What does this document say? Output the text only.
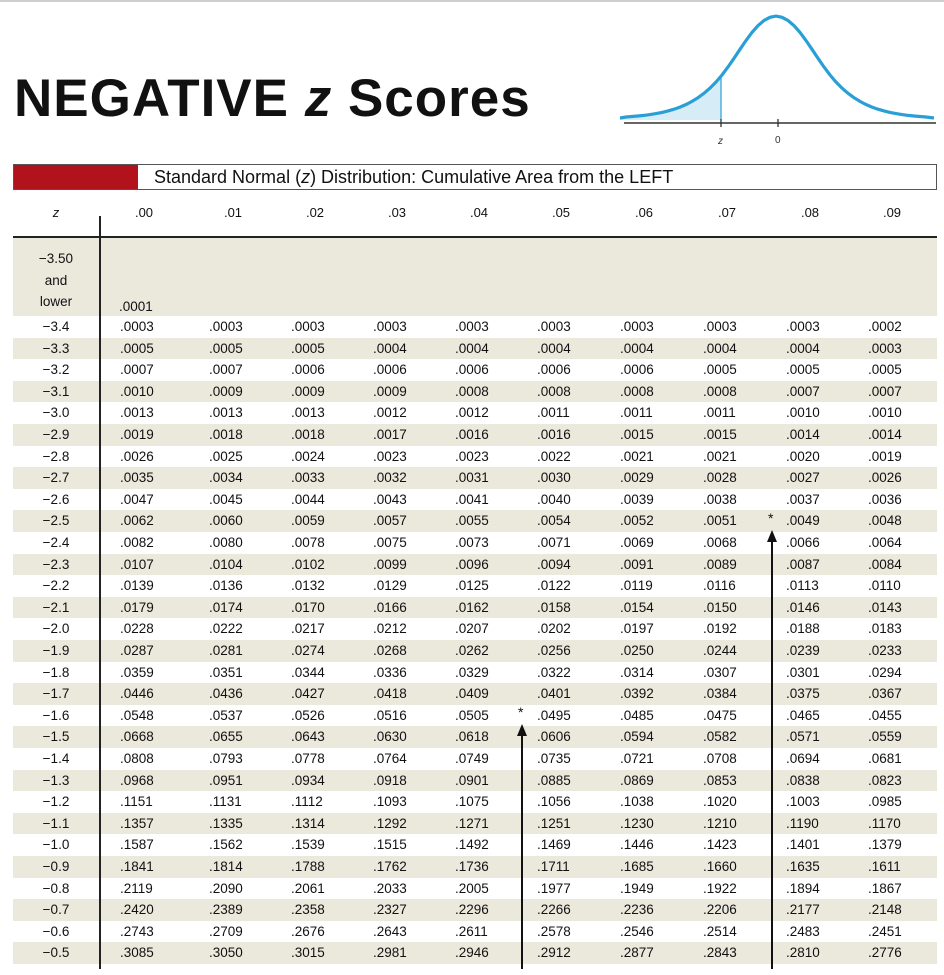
NEGATIVE z Scores
z	0
Standard Normal (z) Distribution: Cumulative Area from the LEFT
z	.00	.01	.02	.03	.04	.05	.06	.07	.08	.09
−3.50
and
lower	.0001
−3.4	.0003	.0003	.0003	.0003	.0003	.0003	.0003	.0003	.0003	.0002
−3.3	.0005	.0005	.0005	.0004	.0004	.0004	.0004	.0004	.0004	.0003
−3.2	.0007	.0007	.0006	.0006	.0006	.0006	.0006	.0005	.0005	.0005
−3.1	.0010	.0009	.0009	.0009	.0008	.0008	.0008	.0008	.0007	.0007
−3.0	.0013	.0013	.0013	.0012	.0012	.0011	.0011	.0011	.0010	.0010
−2.9	.0019	.0018	.0018	.0017	.0016	.0016	.0015	.0015	.0014	.0014
−2.8	.0026	.0025	.0024	.0023	.0023	.0022	.0021	.0021	.0020	.0019
−2.7	.0035	.0034	.0033	.0032	.0031	.0030	.0029	.0028	.0027	.0026
−2.6	.0047	.0045	.0044	.0043	.0041	.0040	.0039	.0038	.0037	.0036
−2.5	.0062	.0060	.0059	.0057	.0055	.0054	.0052	.0051	.0049	.0048
−2.4	.0082	.0080	.0078	.0075	.0073	.0071	.0069	.0068	.0066	.0064
−2.3	.0107	.0104	.0102	.0099	.0096	.0094	.0091	.0089	.0087	.0084
−2.2	.0139	.0136	.0132	.0129	.0125	.0122	.0119	.0116	.0113	.0110
−2.1	.0179	.0174	.0170	.0166	.0162	.0158	.0154	.0150	.0146	.0143
−2.0	.0228	.0222	.0217	.0212	.0207	.0202	.0197	.0192	.0188	.0183
−1.9	.0287	.0281	.0274	.0268	.0262	.0256	.0250	.0244	.0239	.0233
−1.8	.0359	.0351	.0344	.0336	.0329	.0322	.0314	.0307	.0301	.0294
−1.7	.0446	.0436	.0427	.0418	.0409	.0401	.0392	.0384	.0375	.0367
−1.6	.0548	.0537	.0526	.0516	.0505	.0495	.0485	.0475	.0465	.0455
−1.5	.0668	.0655	.0643	.0630	.0618	.0606	.0594	.0582	.0571	.0559
−1.4	.0808	.0793	.0778	.0764	.0749	.0735	.0721	.0708	.0694	.0681
−1.3	.0968	.0951	.0934	.0918	.0901	.0885	.0869	.0853	.0838	.0823
−1.2	.1151	.1131	.1112	.1093	.1075	.1056	.1038	.1020	.1003	.0985
−1.1	.1357	.1335	.1314	.1292	.1271	.1251	.1230	.1210	.1190	.1170
−1.0	.1587	.1562	.1539	.1515	.1492	.1469	.1446	.1423	.1401	.1379
−0.9	.1841	.1814	.1788	.1762	.1736	.1711	.1685	.1660	.1635	.1611
−0.8	.2119	.2090	.2061	.2033	.2005	.1977	.1949	.1922	.1894	.1867
−0.7	.2420	.2389	.2358	.2327	.2296	.2266	.2236	.2206	.2177	.2148
−0.6	.2743	.2709	.2676	.2643	.2611	.2578	.2546	.2514	.2483	.2451
−0.5	.3085	.3050	.3015	.2981	.2946	.2912	.2877	.2843	.2810	.2776
*
*
